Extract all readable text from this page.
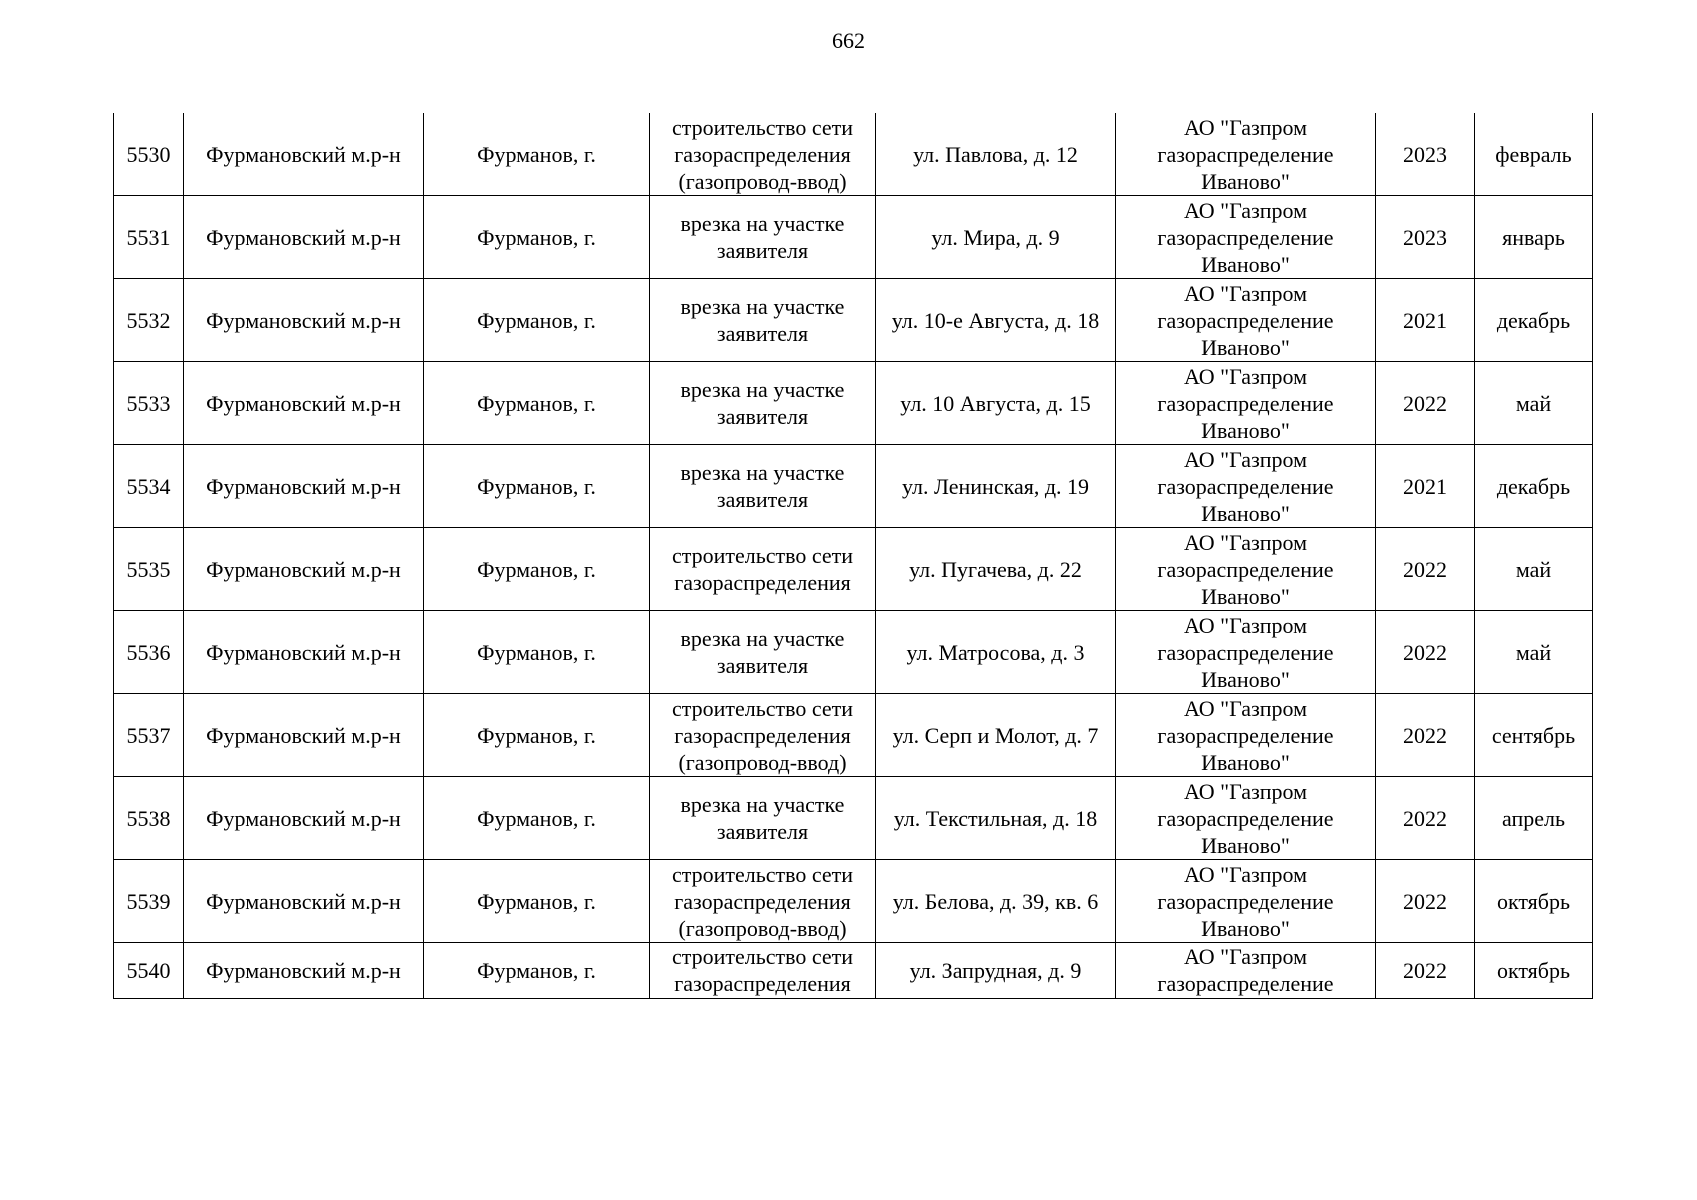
662
5530	Фурмановский м.р-н	Фурманов, г.	строительство сети газораспределения (газопровод-ввод)	ул. Павлова, д. 12	АО "Газпром газораспределение Иваново"	2023	февраль
5531	Фурмановский м.р-н	Фурманов, г.	врезка на участке заявителя	ул. Мира, д. 9	АО "Газпром газораспределение Иваново"	2023	январь
5532	Фурмановский м.р-н	Фурманов, г.	врезка на участке заявителя	ул. 10-е Августа, д. 18	АО "Газпром газораспределение Иваново"	2021	декабрь
5533	Фурмановский м.р-н	Фурманов, г.	врезка на участке заявителя	ул. 10 Августа, д. 15	АО "Газпром газораспределение Иваново"	2022	май
5534	Фурмановский м.р-н	Фурманов, г.	врезка на участке заявителя	ул. Ленинская, д. 19	АО "Газпром газораспределение Иваново"	2021	декабрь
5535	Фурмановский м.р-н	Фурманов, г.	строительство сети газораспределения	ул. Пугачева, д. 22	АО "Газпром газораспределение Иваново"	2022	май
5536	Фурмановский м.р-н	Фурманов, г.	врезка на участке заявителя	ул. Матросова, д. 3	АО "Газпром газораспределение Иваново"	2022	май
5537	Фурмановский м.р-н	Фурманов, г.	строительство сети газораспределения (газопровод-ввод)	ул. Серп и Молот, д. 7	АО "Газпром газораспределение Иваново"	2022	сентябрь
5538	Фурмановский м.р-н	Фурманов, г.	врезка на участке заявителя	ул. Текстильная, д. 18	АО "Газпром газораспределение Иваново"	2022	апрель
5539	Фурмановский м.р-н	Фурманов, г.	строительство сети газораспределения (газопровод-ввод)	ул. Белова, д. 39, кв. 6	АО "Газпром газораспределение Иваново"	2022	октябрь
5540	Фурмановский м.р-н	Фурманов, г.	строительство сети газораспределения	ул. Запрудная, д. 9	АО "Газпром газораспределение	2022	октябрь
